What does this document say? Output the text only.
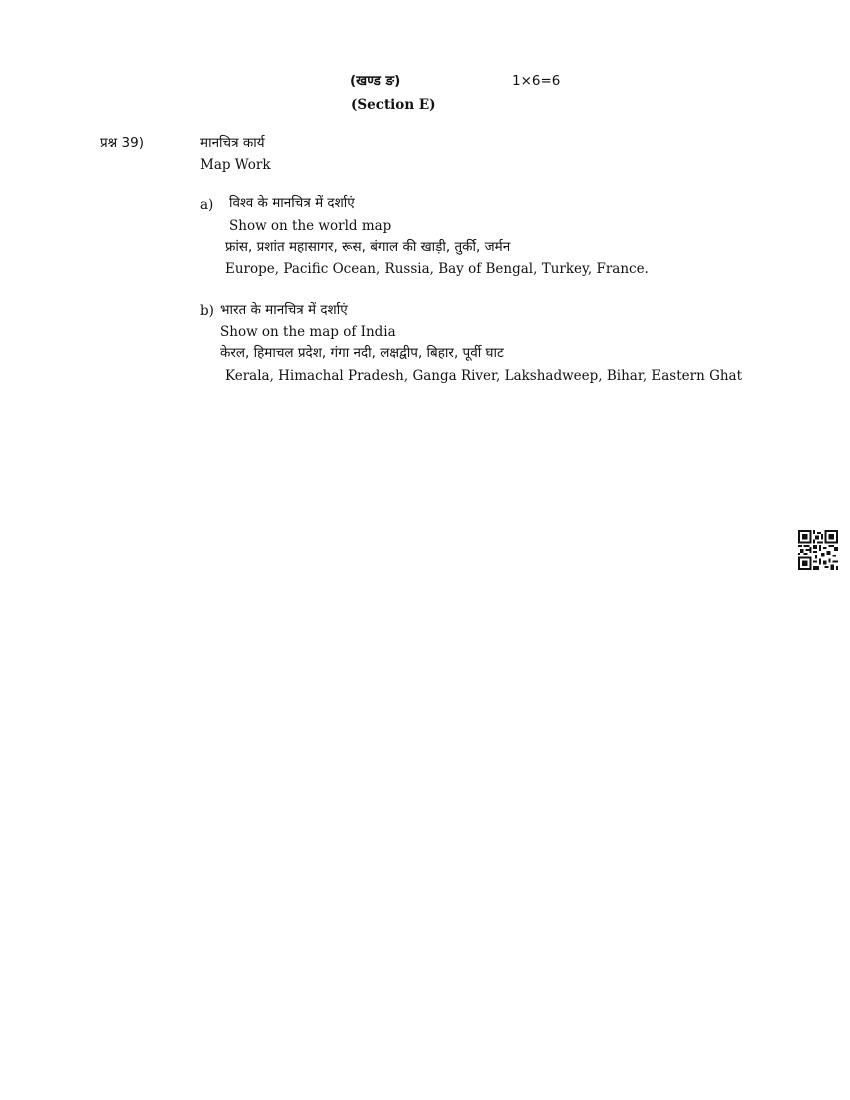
(खण्ड ङ)	1×6=6
(Section E)
प्रश्न 39)	मानचित्र कार्य
Map Work
a) विश्व के मानचित्र में दर्शाएं
Show on the world map
फ्रांस, प्रशांत महासागर, रूस, बंगाल की खाड़ी, तुर्की, जर्मन
Europe, Pacific Ocean, Russia, Bay of Bengal, Turkey, France.
b) भारत के मानचित्र में दर्शाएं
Show on the map of India
केरल, हिमाचल प्रदेश, गंगा नदी, लक्षद्वीप, बिहार, पूर्वी घाट
Kerala, Himachal Pradesh, Ganga River, Lakshadweep, Bihar, Eastern Ghat
